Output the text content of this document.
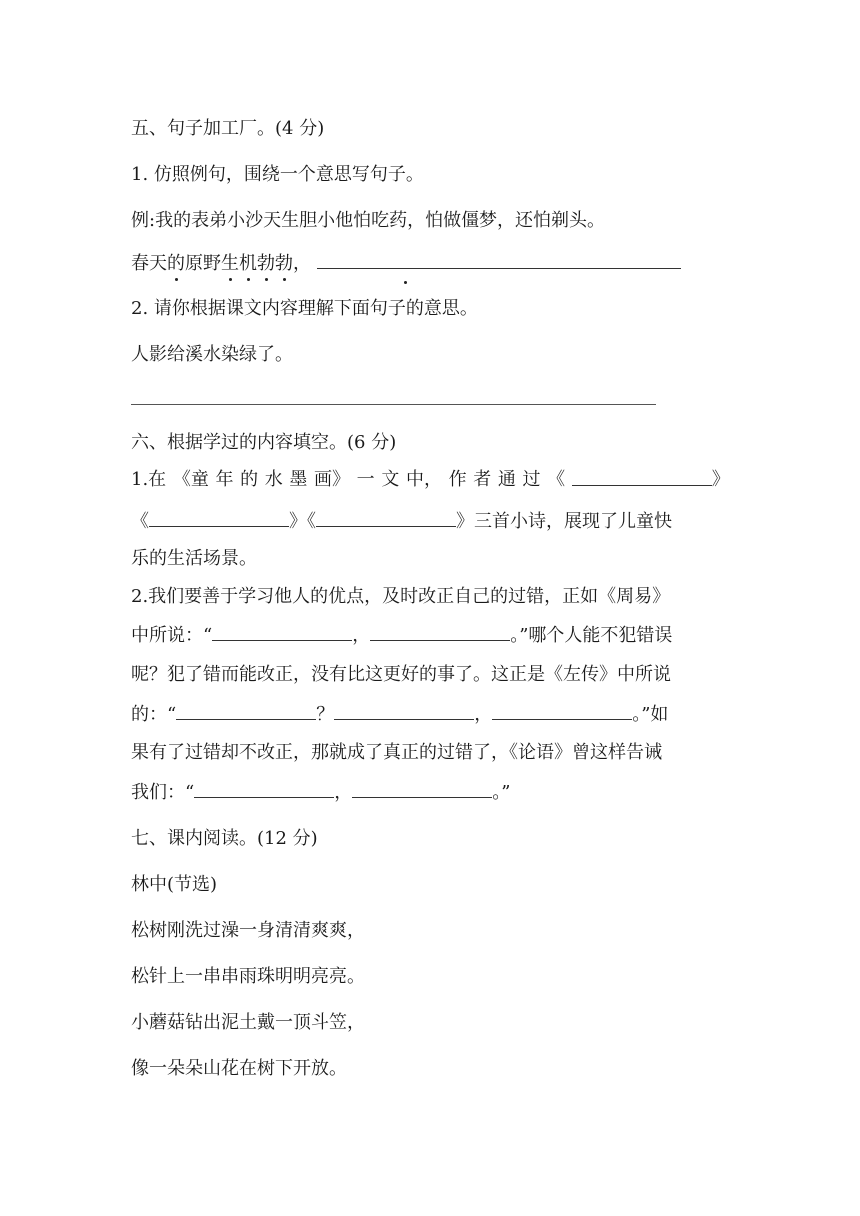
五、句子加工厂。(4 分)
1. 仿照例句，围绕一个意思写句子。
例:我的表弟小沙天生胆小他怕吃药，怕做僵梦，还怕剃头。
春天的原野生机勃勃，
2. 请你根据课文内容理解下面句子的意思。
人影给溪水染绿了。
六、根据学过的内容填空。(6 分)
1.在 《童 年 的 水 墨 画》 一 文 中， 作 者 通 过 《	》
《	》《	》三首小诗，展现了儿童快
乐的生活场景。
2.我们要善于学习他人的优点，及时改正自己的过错，正如《周易》
中所说：“	，	。”哪个人能不犯错误
呢？犯了错而能改正，没有比这更好的事了。这正是《左传》中所说
的：“	？	，	。”如
果有了过错却不改正，那就成了真正的过错了，《论语》曾这样告诫
我们：“	，	。”
七、课内阅读。(12 分)
林中(节选)
松树刚洗过澡一身清清爽爽，
松针上一串串雨珠明明亮亮。
小蘑菇钻出泥土戴一顶斗笠，
像一朵朵山花在树下开放。
